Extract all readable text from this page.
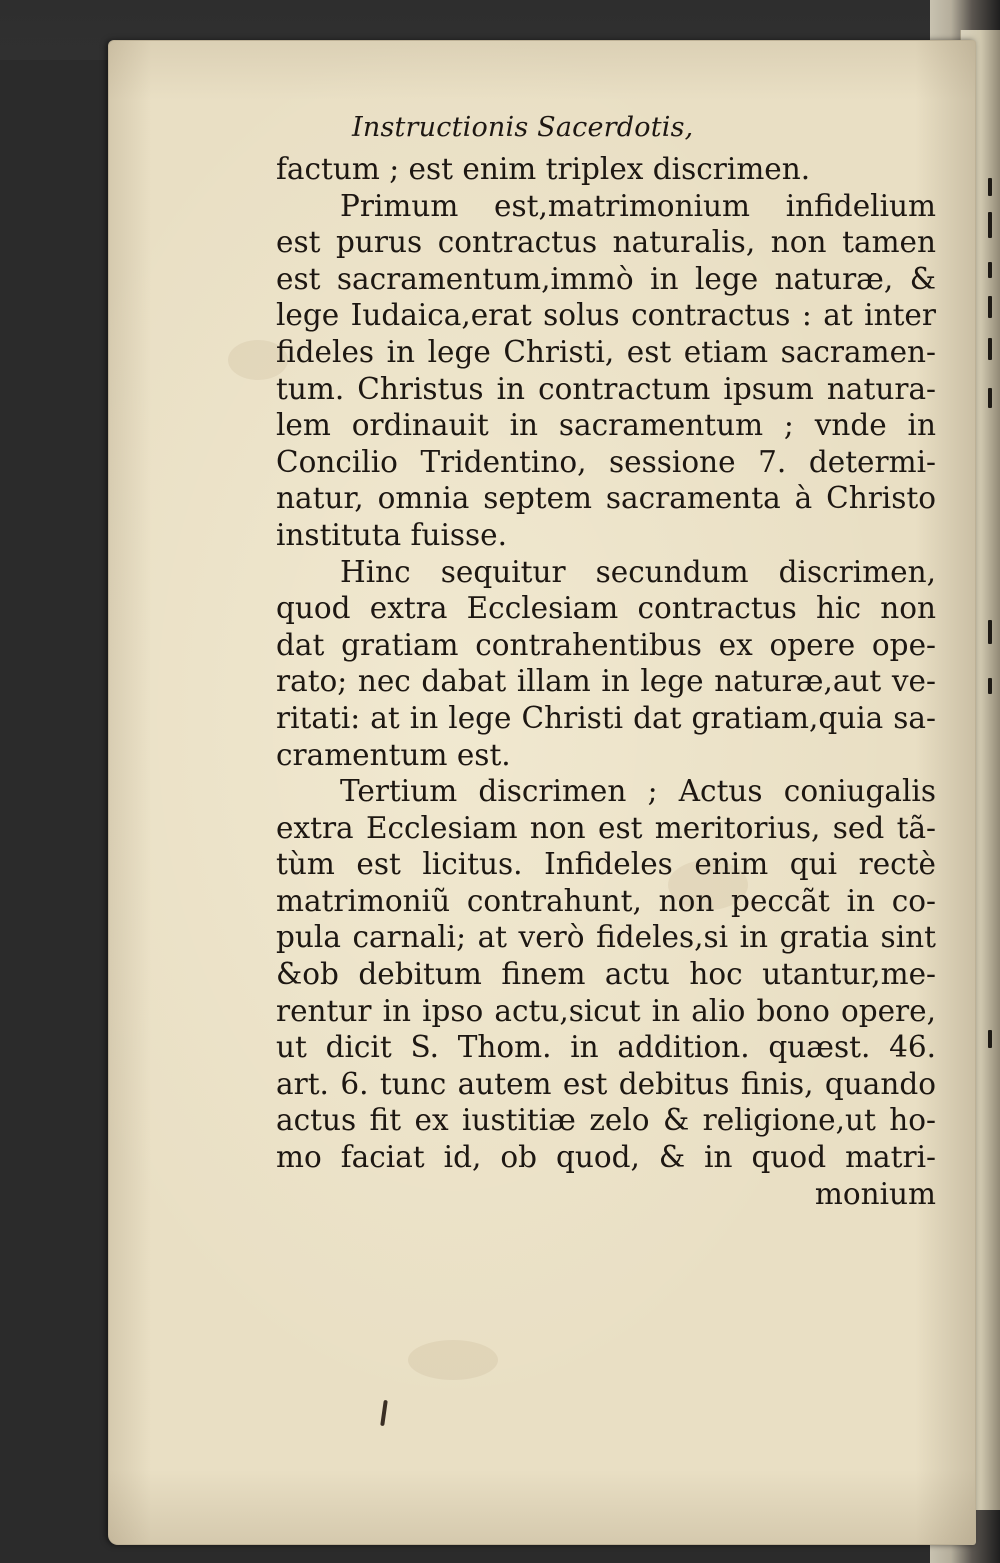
Instructionis Sacerdotis,
factum ; est enim triplex discrimen.
Primum est,matrimonium infidelium
est purus contractus naturalis, non tamen
est sacramentum,immò in lege naturæ, &
lege Iudaica,erat solus contractus : at inter
fideles in lege Christi, est etiam sacramen-
tum. Christus in contractum ipsum natura-
lem ordinauit in sacramentum ; vnde in
Concilio Tridentino, sessione 7. determi-
natur, omnia septem sacramenta à Christo
instituta fuisse.
Hinc sequitur secundum discrimen,
quod extra Ecclesiam contractus hic non
dat gratiam contrahentibus ex opere ope-
rato; nec dabat illam in lege naturæ,aut ve-
ritati: at in lege Christi dat gratiam,quia sa-
cramentum est.
Tertium discrimen ; Actus coniugalis
extra Ecclesiam non est meritorius, sed tã-
tùm est licitus. Infideles enim qui rectè
matrimoniũ contrahunt, non peccãt in co-
pula carnali; at verò fideles,si in gratia sint
&ob debitum finem actu hoc utantur,me-
rentur in ipso actu,sicut in alio bono opere,
ut dicit S. Thom. in addition. quæst. 46.
art. 6. tunc autem est debitus finis, quando
actus fit ex iustitiæ zelo & religione,ut ho-
mo faciat id, ob quod, & in quod matri-
monium
